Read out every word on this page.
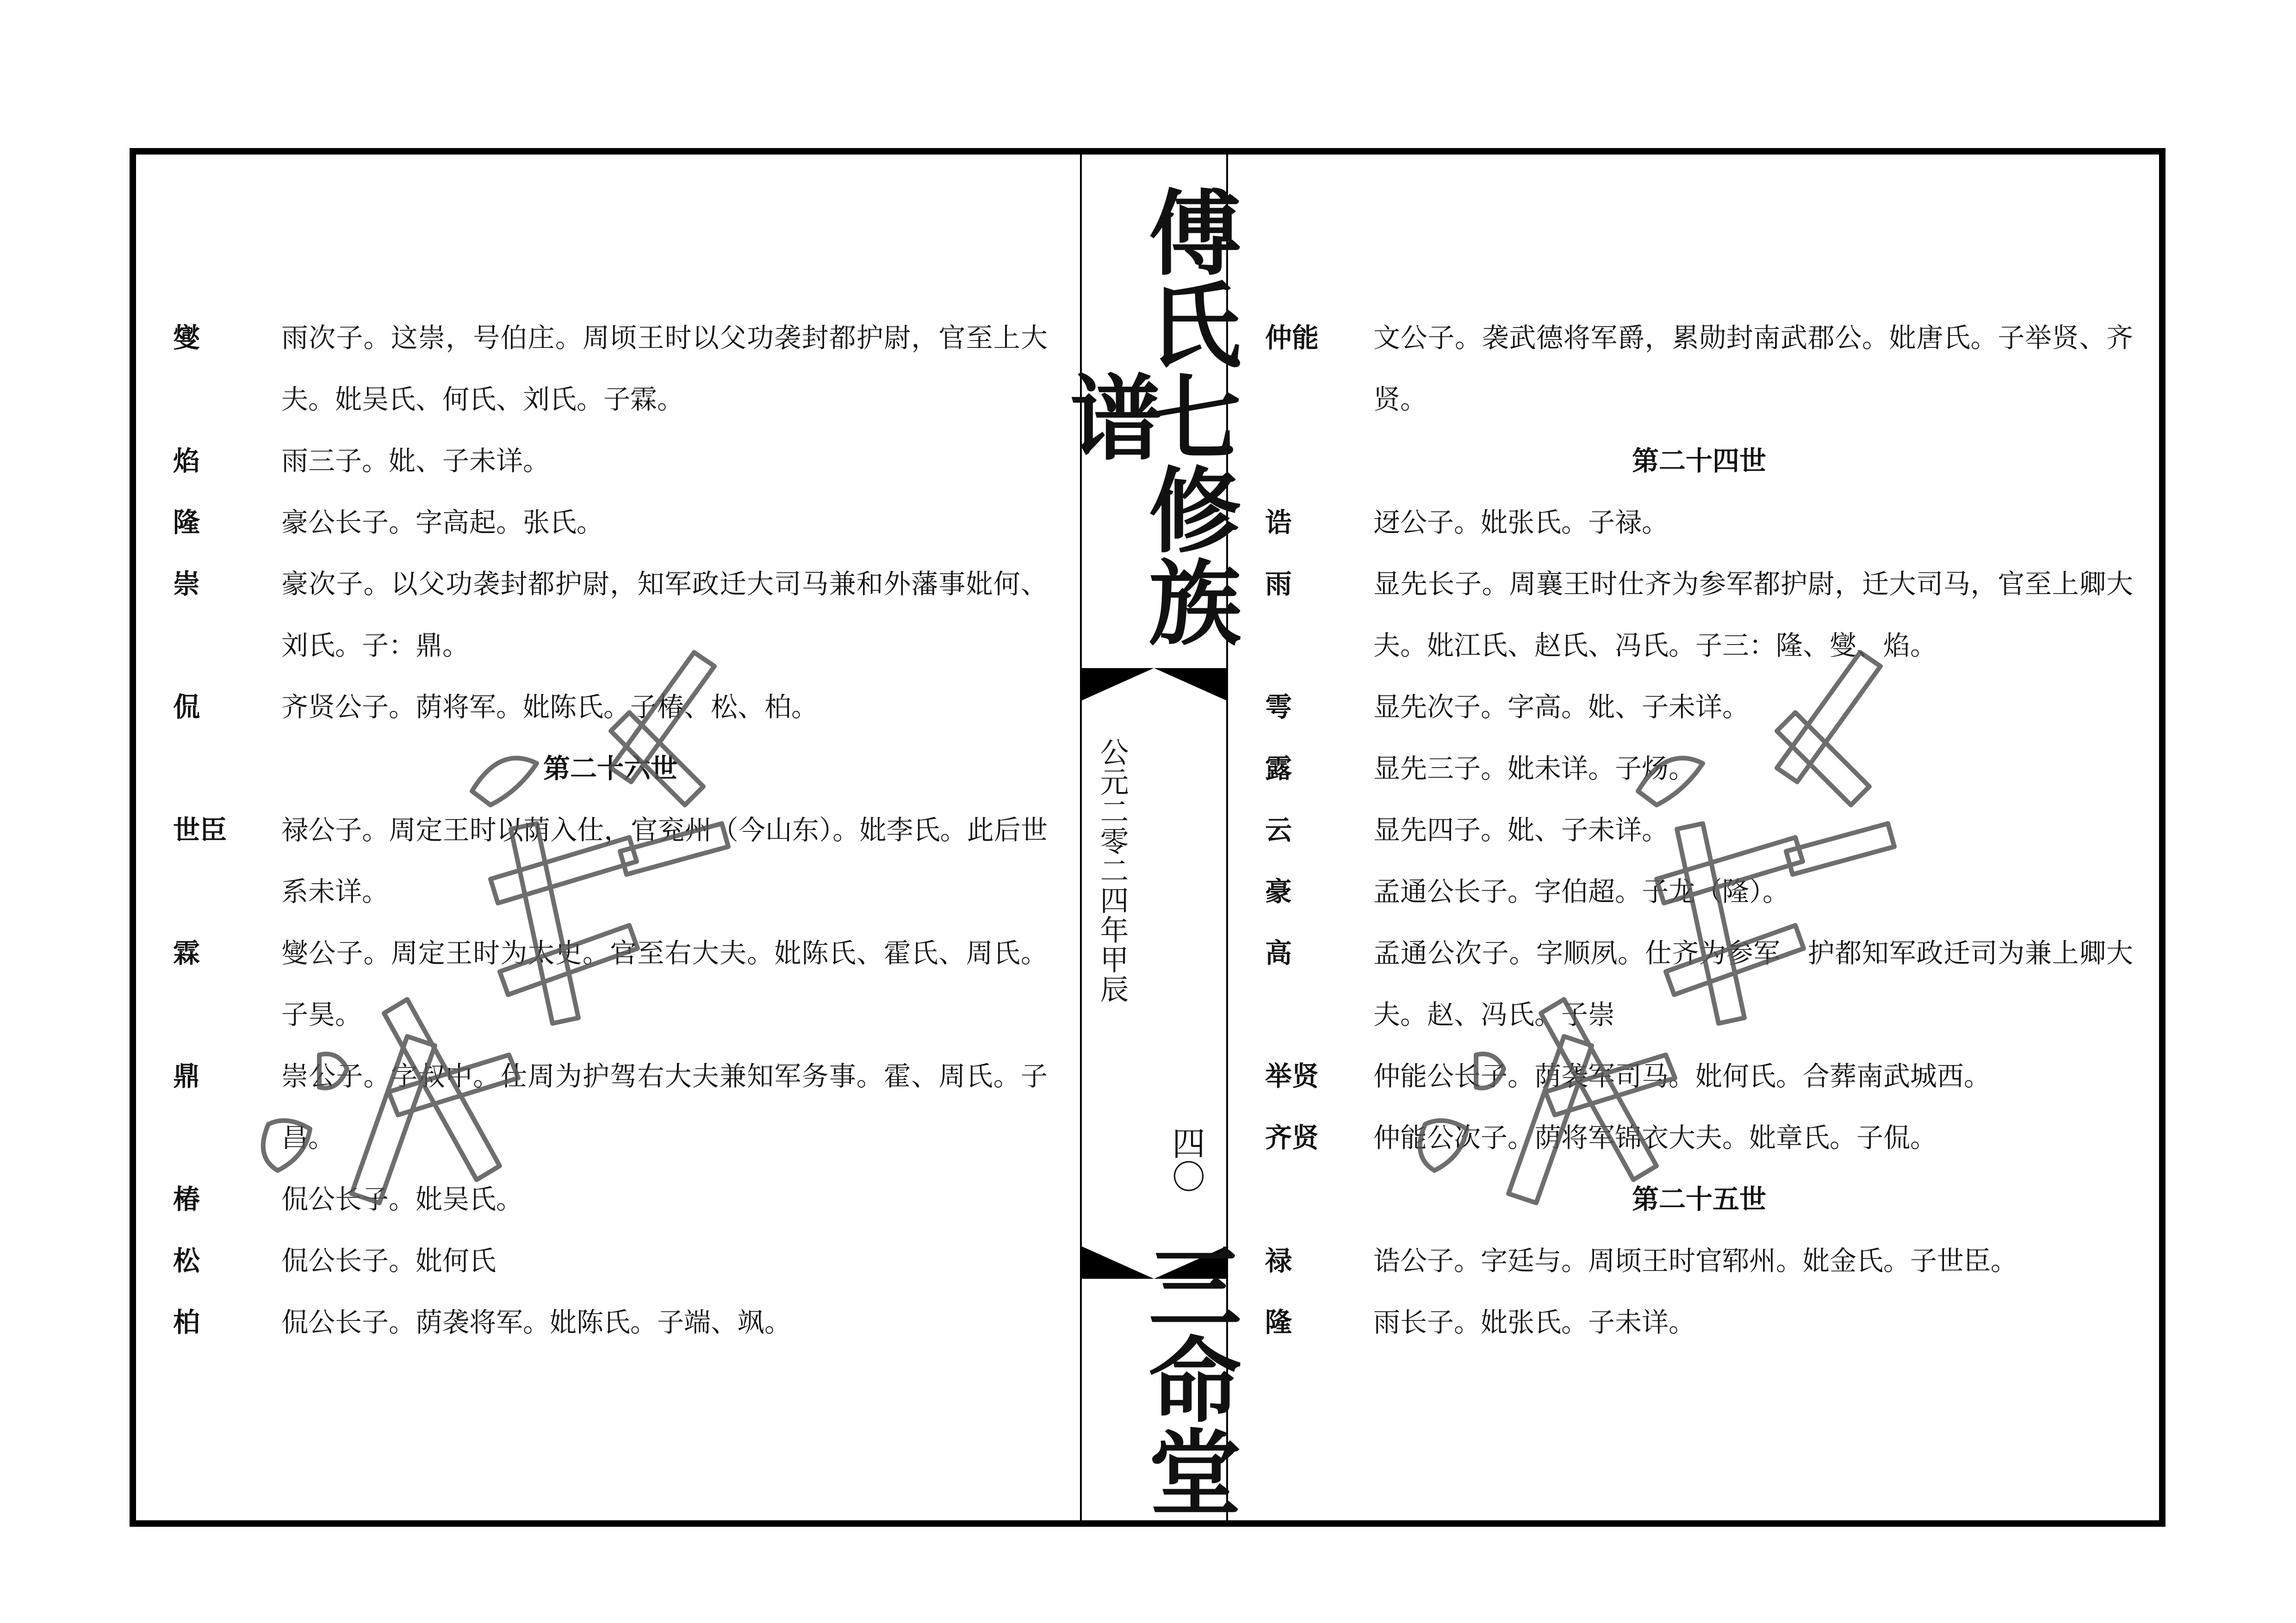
燮	雨次子。这崇，号伯庄。周顷王时以父功袭封都护尉，官至上大夫。妣吴氏、何氏、刘氏。子霖。
焰	雨三子。妣、子未详。
隆	豪公长子。字高起。张氏。
崇	豪次子。以父功袭封都护尉，知军政迁大司马兼和外藩事妣何、刘氏。子：鼎。
侃	齐贤公子。荫将军。妣陈氏。子椿、松、柏。
第二十六世
世臣	禄公子。周定王时以荫入仕，官兖州（今山东）。妣李氏。此后世系未详。
霖	燮公子。周定王时为太史。官至右大夫。妣陈氏、霍氏、周氏。子昊。
鼎	崇公子。字叔中。仕周为护驾右大夫兼知军务事。霍、周氏。子昌。
椿	侃公长子。妣吴氏。
松	侃公长子。妣何氏
柏	侃公长子。荫袭将军。妣陈氏。子端、飒。
傅氏七修族谱
公元二零二四年甲辰
四〇
三命堂
仲能	文公子。袭武德将军爵，累勋封南武郡公。妣唐氏。子举贤、齐贤。
第二十四世
诰	迓公子。妣张氏。子禄。
雨	显先长子。周襄王时仕齐为参军都护尉，迁大司马，官至上卿大夫。妣江氏、赵氏、冯氏。子三：隆、燮、焰。
雩	显先次子。字高。妣、子未详。
露	显先三子。妣未详。子炀。
云	显先四子。妣、子未详。
豪	孟通公长子。字伯超。子龙（隆）。
高	孟通公次子。字顺夙。仕齐为参军　护都知军政迁司为兼上卿大夫。赵、冯氏。子崇
举贤	仲能公长子。荫袭军司马。妣何氏。合葬南武城西。
齐贤	仲能公次子。荫将军锦衣大夫。妣章氏。子侃。
第二十五世
禄	诰公子。字廷与。周顷王时官郓州。妣金氏。子世臣。
隆	雨长子。妣张氏。子未详。
